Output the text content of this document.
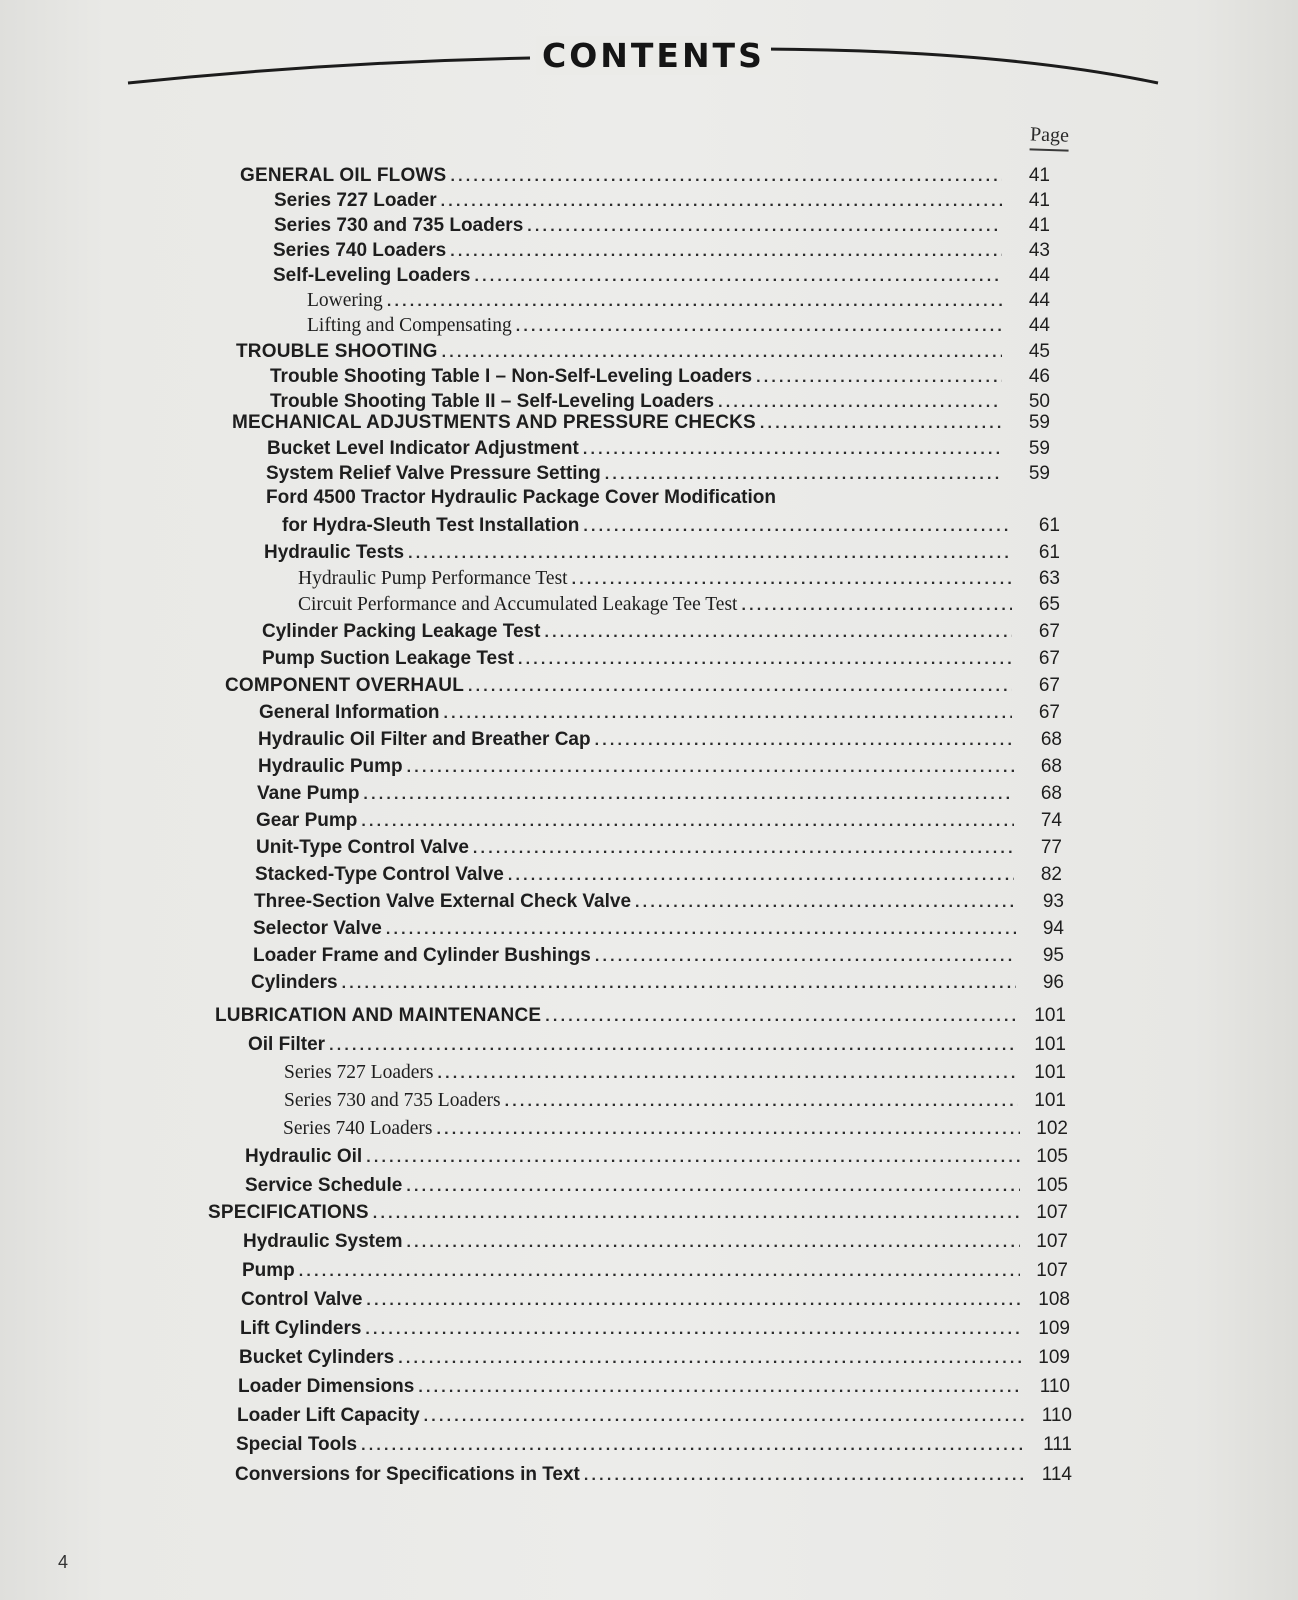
CONTENTS
Page
GENERAL OIL FLOWS .....	41
Series 727 Loader .....	41
Series 730 and 735 Loaders .....	41
Series 740 Loaders .....	43
Self-Leveling Loaders .....	44
Lowering .....	44
Lifting and Compensating .....	44
TROUBLE SHOOTING .....	45
Trouble Shooting Table I – Non-Self-Leveling Loaders .....	46
Trouble Shooting Table II – Self-Leveling Loaders .....	50
MECHANICAL ADJUSTMENTS AND PRESSURE CHECKS .....	59
Bucket Level Indicator Adjustment .....	59
System Relief Valve Pressure Setting .....	59
Ford 4500 Tractor Hydraulic Package Cover Modification
for Hydra-Sleuth Test Installation .....	61
Hydraulic Tests .....	61
Hydraulic Pump Performance Test .....	63
Circuit Performance and Accumulated Leakage Tee Test .....	65
Cylinder Packing Leakage Test .....	67
Pump Suction Leakage Test .....	67
COMPONENT OVERHAUL .....	67
General Information .....	67
Hydraulic Oil Filter and Breather Cap .....	68
Hydraulic Pump .....	68
Vane Pump .....	68
Gear Pump .....	74
Unit-Type Control Valve .....	77
Stacked-Type Control Valve .....	82
Three-Section Valve External Check Valve .....	93
Selector Valve .....	94
Loader Frame and Cylinder Bushings .....	95
Cylinders .....	96
LUBRICATION AND MAINTENANCE .....	101
Oil Filter .....	101
Series 727 Loaders .....	101
Series 730 and 735 Loaders .....	101
Series 740 Loaders .....	102
Hydraulic Oil .....	105
Service Schedule .....	105
SPECIFICATIONS .....	107
Hydraulic System .....	107
Pump .....	107
Control Valve .....	108
Lift Cylinders .....	109
Bucket Cylinders .....	109
Loader Dimensions .....	110
Loader Lift Capacity .....	110
Special Tools .....	111
Conversions for Specifications in Text .....	114
4
